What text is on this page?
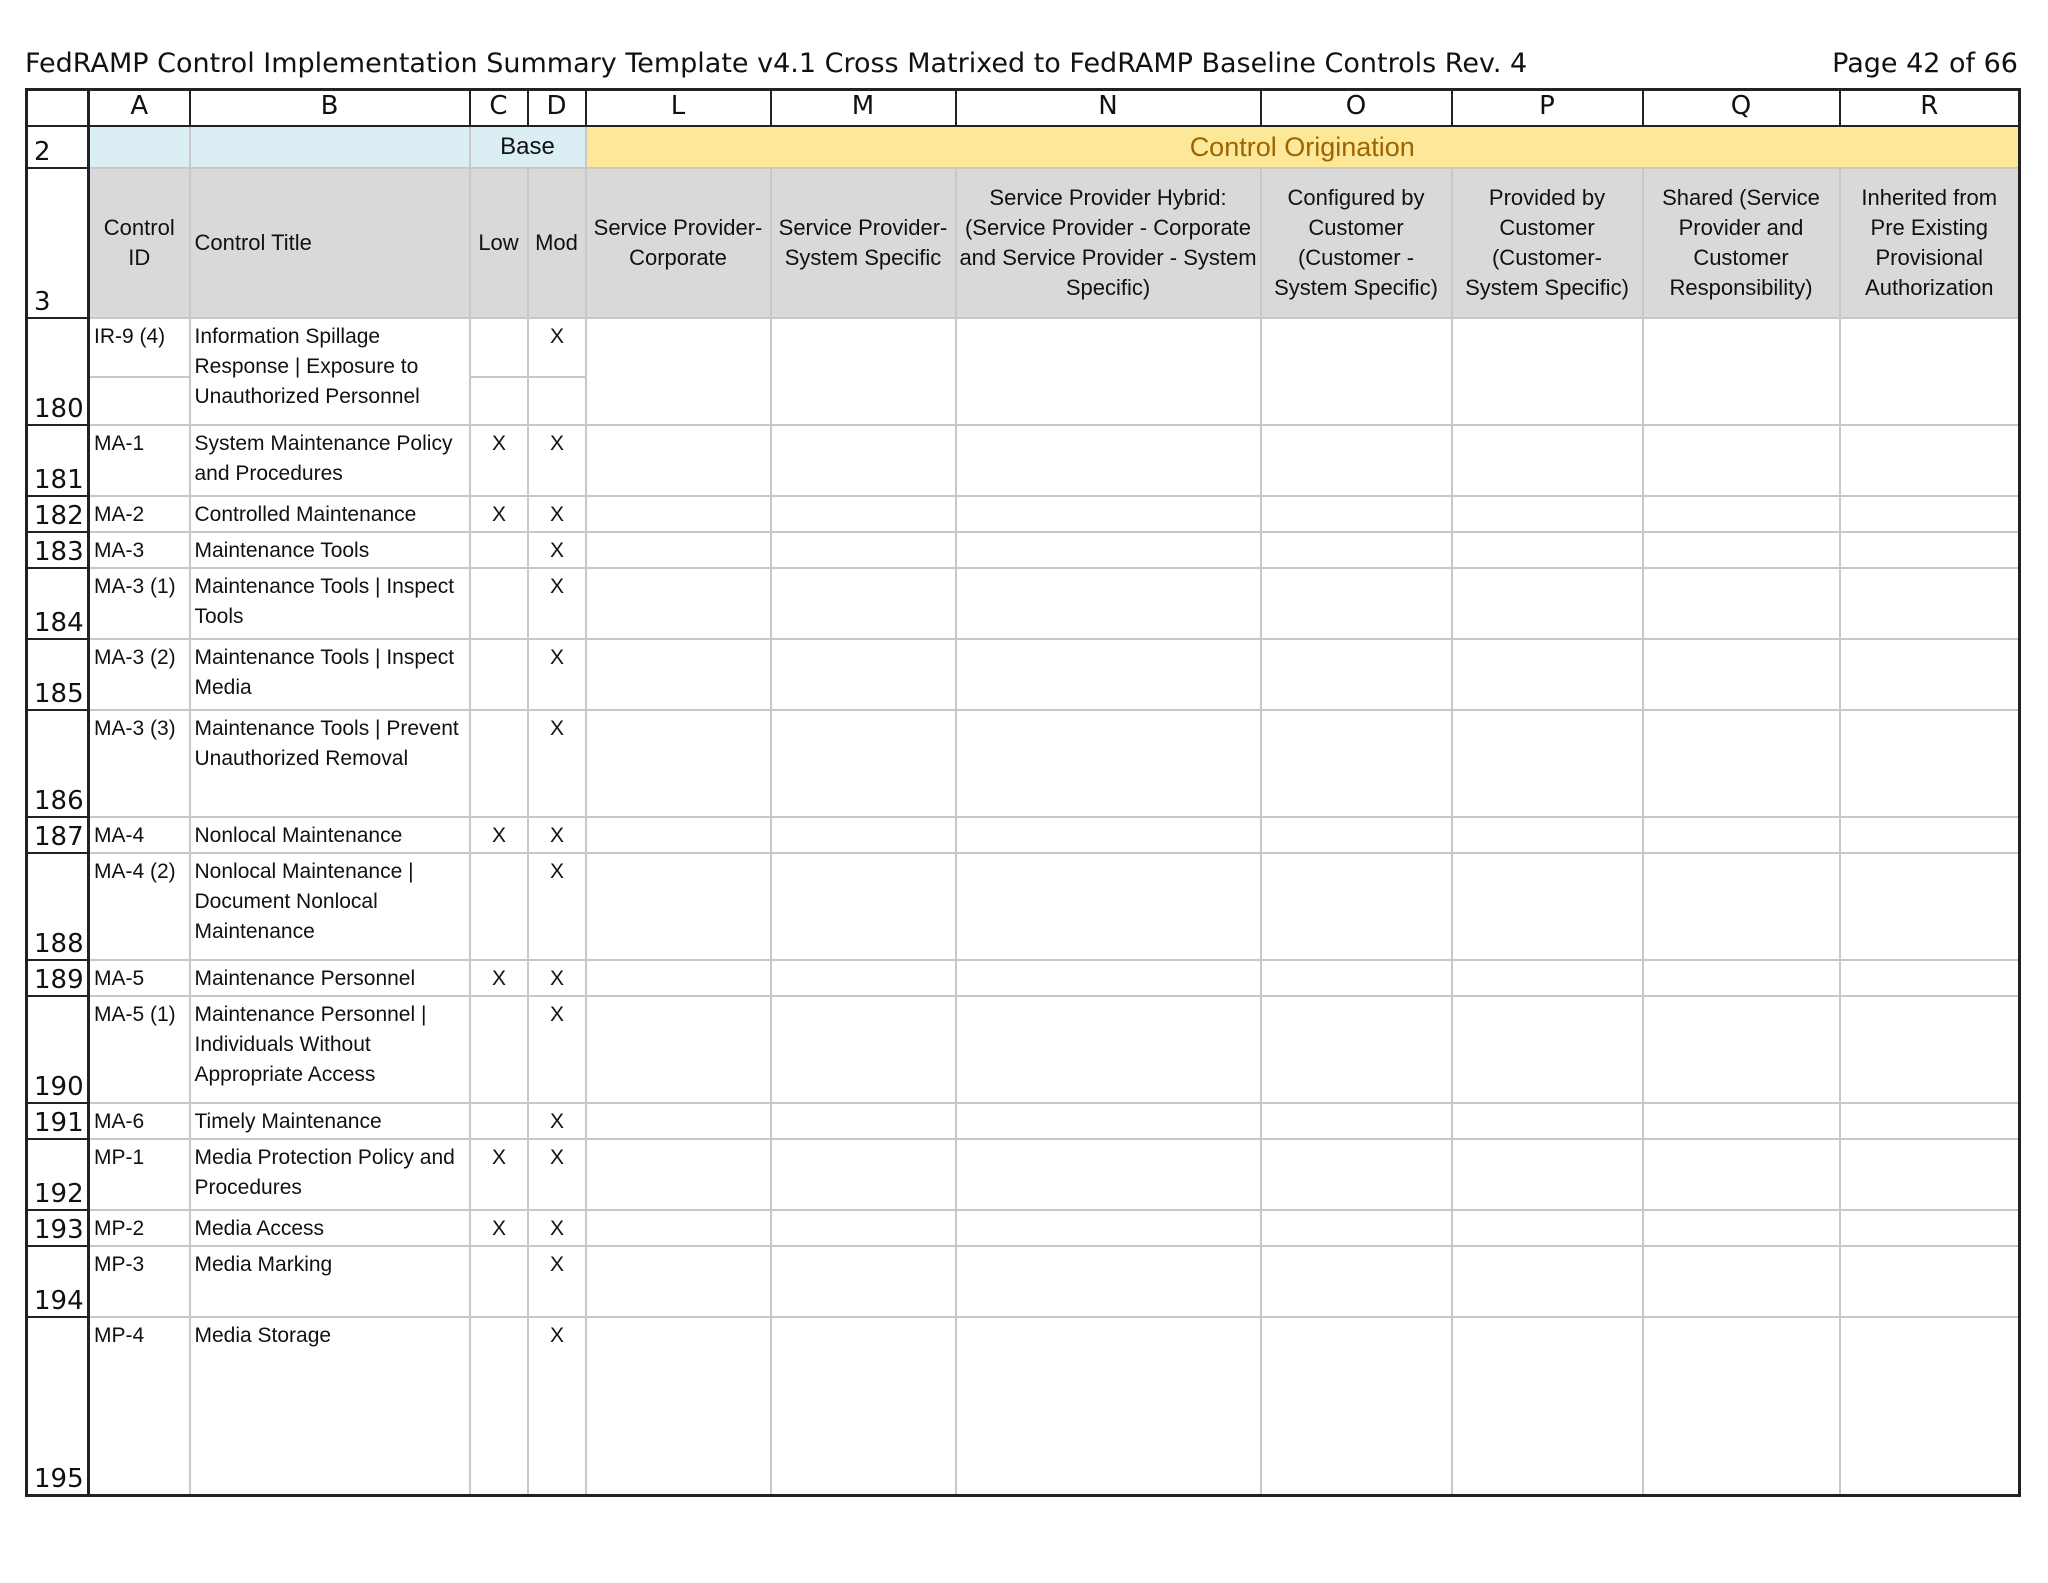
FedRAMP Control Implementation Summary Template v4.1 Cross Matrixed to FedRAMP Baseline Controls Rev. 4	Page 42 of 66
	A	B	C	D	L	M	N	O	P	Q	R
2			Base		Control Origination						
3	Control ID	Control Title	Low	Mod	Service Provider-Corporate	Service Provider-System Specific	Service Provider Hybrid: (Service Provider - Corporate and Service Provider - System Specific)	Configured by Customer (Customer - System Specific)	Provided by Customer (Customer- System Specific)	Shared (Service Provider and Customer Responsibility)	Inherited from Pre Existing Provisional Authorization
180	IR-9 (4)	Information Spillage Response | Exposure to Unauthorized Personnel		X							

181	MA-1	System Maintenance Policy and Procedures	X	X							
182	MA-2	Controlled Maintenance	X	X							
183	MA-3	Maintenance Tools		X							
184	MA-3 (1)	Maintenance Tools | Inspect Tools		X							
185	MA-3 (2)	Maintenance Tools | Inspect Media		X							
186	MA-3 (3)	Maintenance Tools | Prevent Unauthorized Removal		X							
187	MA-4	Nonlocal Maintenance	X	X							
188	MA-4 (2)	Nonlocal Maintenance | Document Nonlocal Maintenance		X							
189	MA-5	Maintenance Personnel	X	X							
190	MA-5 (1)	Maintenance Personnel | Individuals Without Appropriate Access		X							
191	MA-6	Timely Maintenance		X							
192	MP-1	Media Protection Policy and Procedures	X	X							
193	MP-2	Media Access	X	X							
194	MP-3	Media Marking		X							
195	MP-4	Media Storage		X							
